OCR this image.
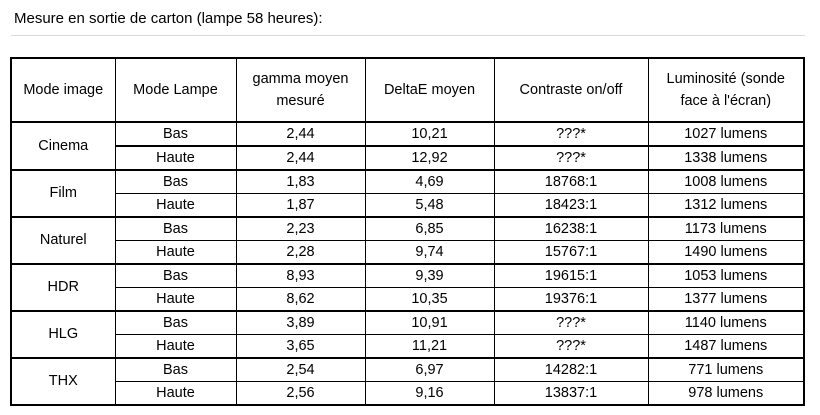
Mesure en sortie de carton (lampe 58 heures):
Mode image	Mode Lampe	gamma moyen mesuré	DeltaE moyen	Contraste on/off	Luminosité (sonde face à l'écran)
Cinema	Bas	2,44	10,21	???*	1027 lumens
	Haute	2,44	12,92	???*	1338 lumens
Film	Bas	1,83	4,69	18768:1	1008 lumens
	Haute	1,87	5,48	18423:1	1312 lumens
Naturel	Bas	2,23	6,85	16238:1	1173 lumens
	Haute	2,28	9,74	15767:1	1490 lumens
HDR	Bas	8,93	9,39	19615:1	1053 lumens
	Haute	8,62	10,35	19376:1	1377 lumens
HLG	Bas	3,89	10,91	???*	1140 lumens
	Haute	3,65	11,21	???*	1487 lumens
THX	Bas	2,54	6,97	14282:1	771 lumens
	Haute	2,56	9,16	13837:1	978 lumens
